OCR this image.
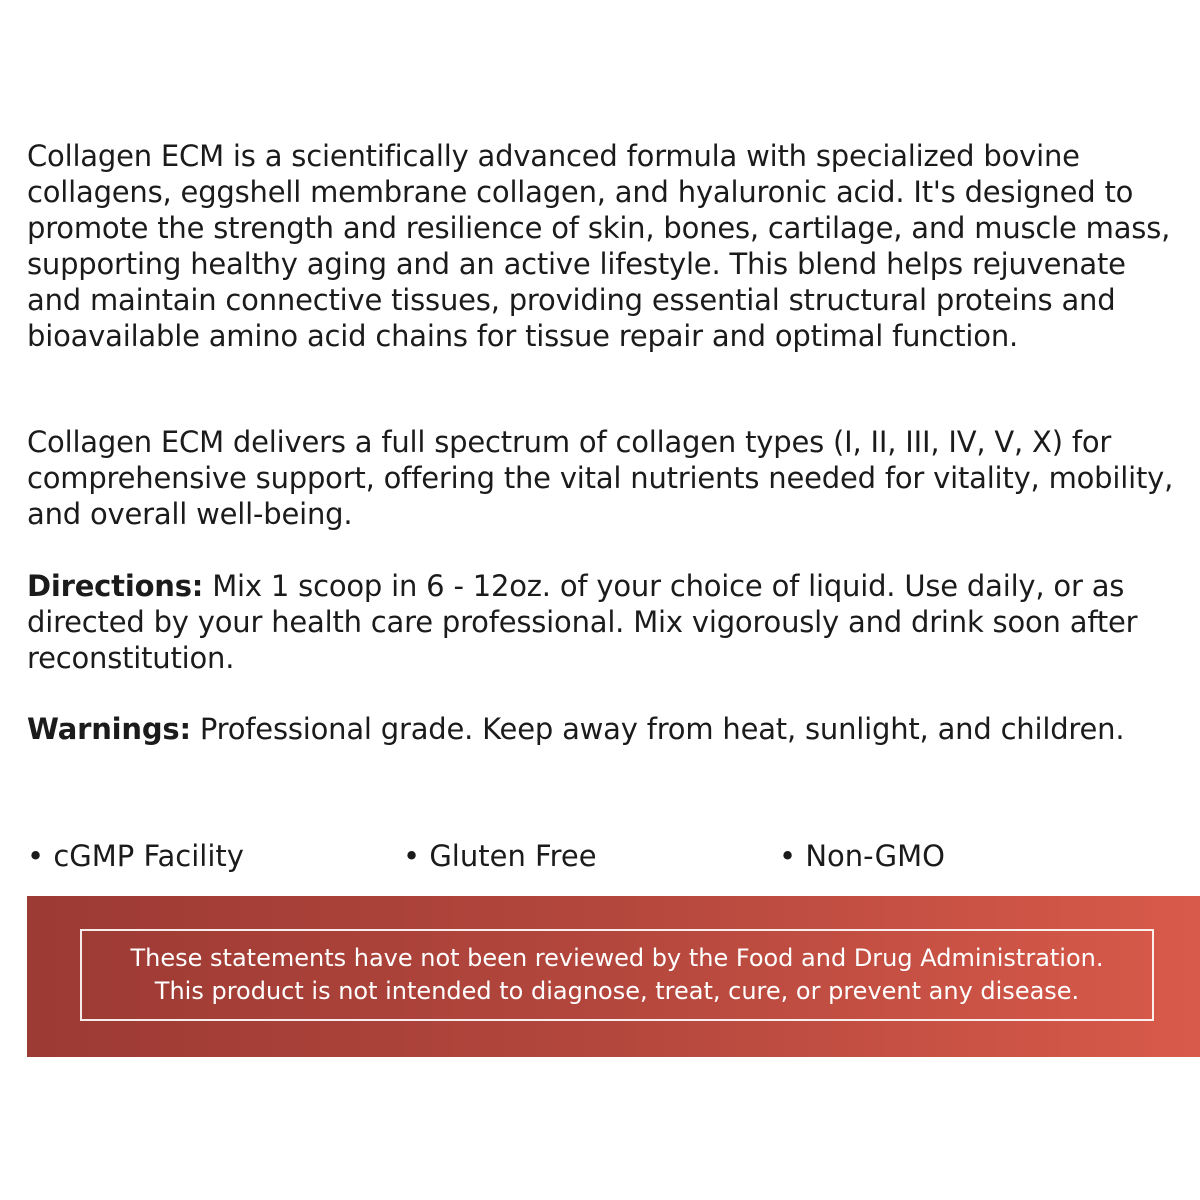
Collagen ECM is a scientifically advanced formula with specialized bovine collagens, eggshell membrane collagen, and hyaluronic acid. It's designed to promote the strength and resilience of skin, bones, cartilage, and muscle mass, supporting healthy aging and an active lifestyle. This blend helps rejuvenate and maintain connective tissues, providing essential structural proteins and bioavailable amino acid chains for tissue repair and optimal function.

Collagen ECM delivers a full spectrum of collagen types (I, II, III, IV, V, X) for comprehensive support, offering the vital nutrients needed for vitality, mobility, and overall well-being.

Directions: Mix 1 scoop in 6 - 12oz. of your choice of liquid. Use daily, or as directed by your health care professional. Mix vigorously and drink soon after reconstitution.

Warnings: Professional grade. Keep away from heat, sunlight, and children.

• cGMP Facility	• Gluten Free	• Non-GMO
These statements have not been reviewed by the Food and Drug Administration.
This product is not intended to diagnose, treat, cure, or prevent any disease.
